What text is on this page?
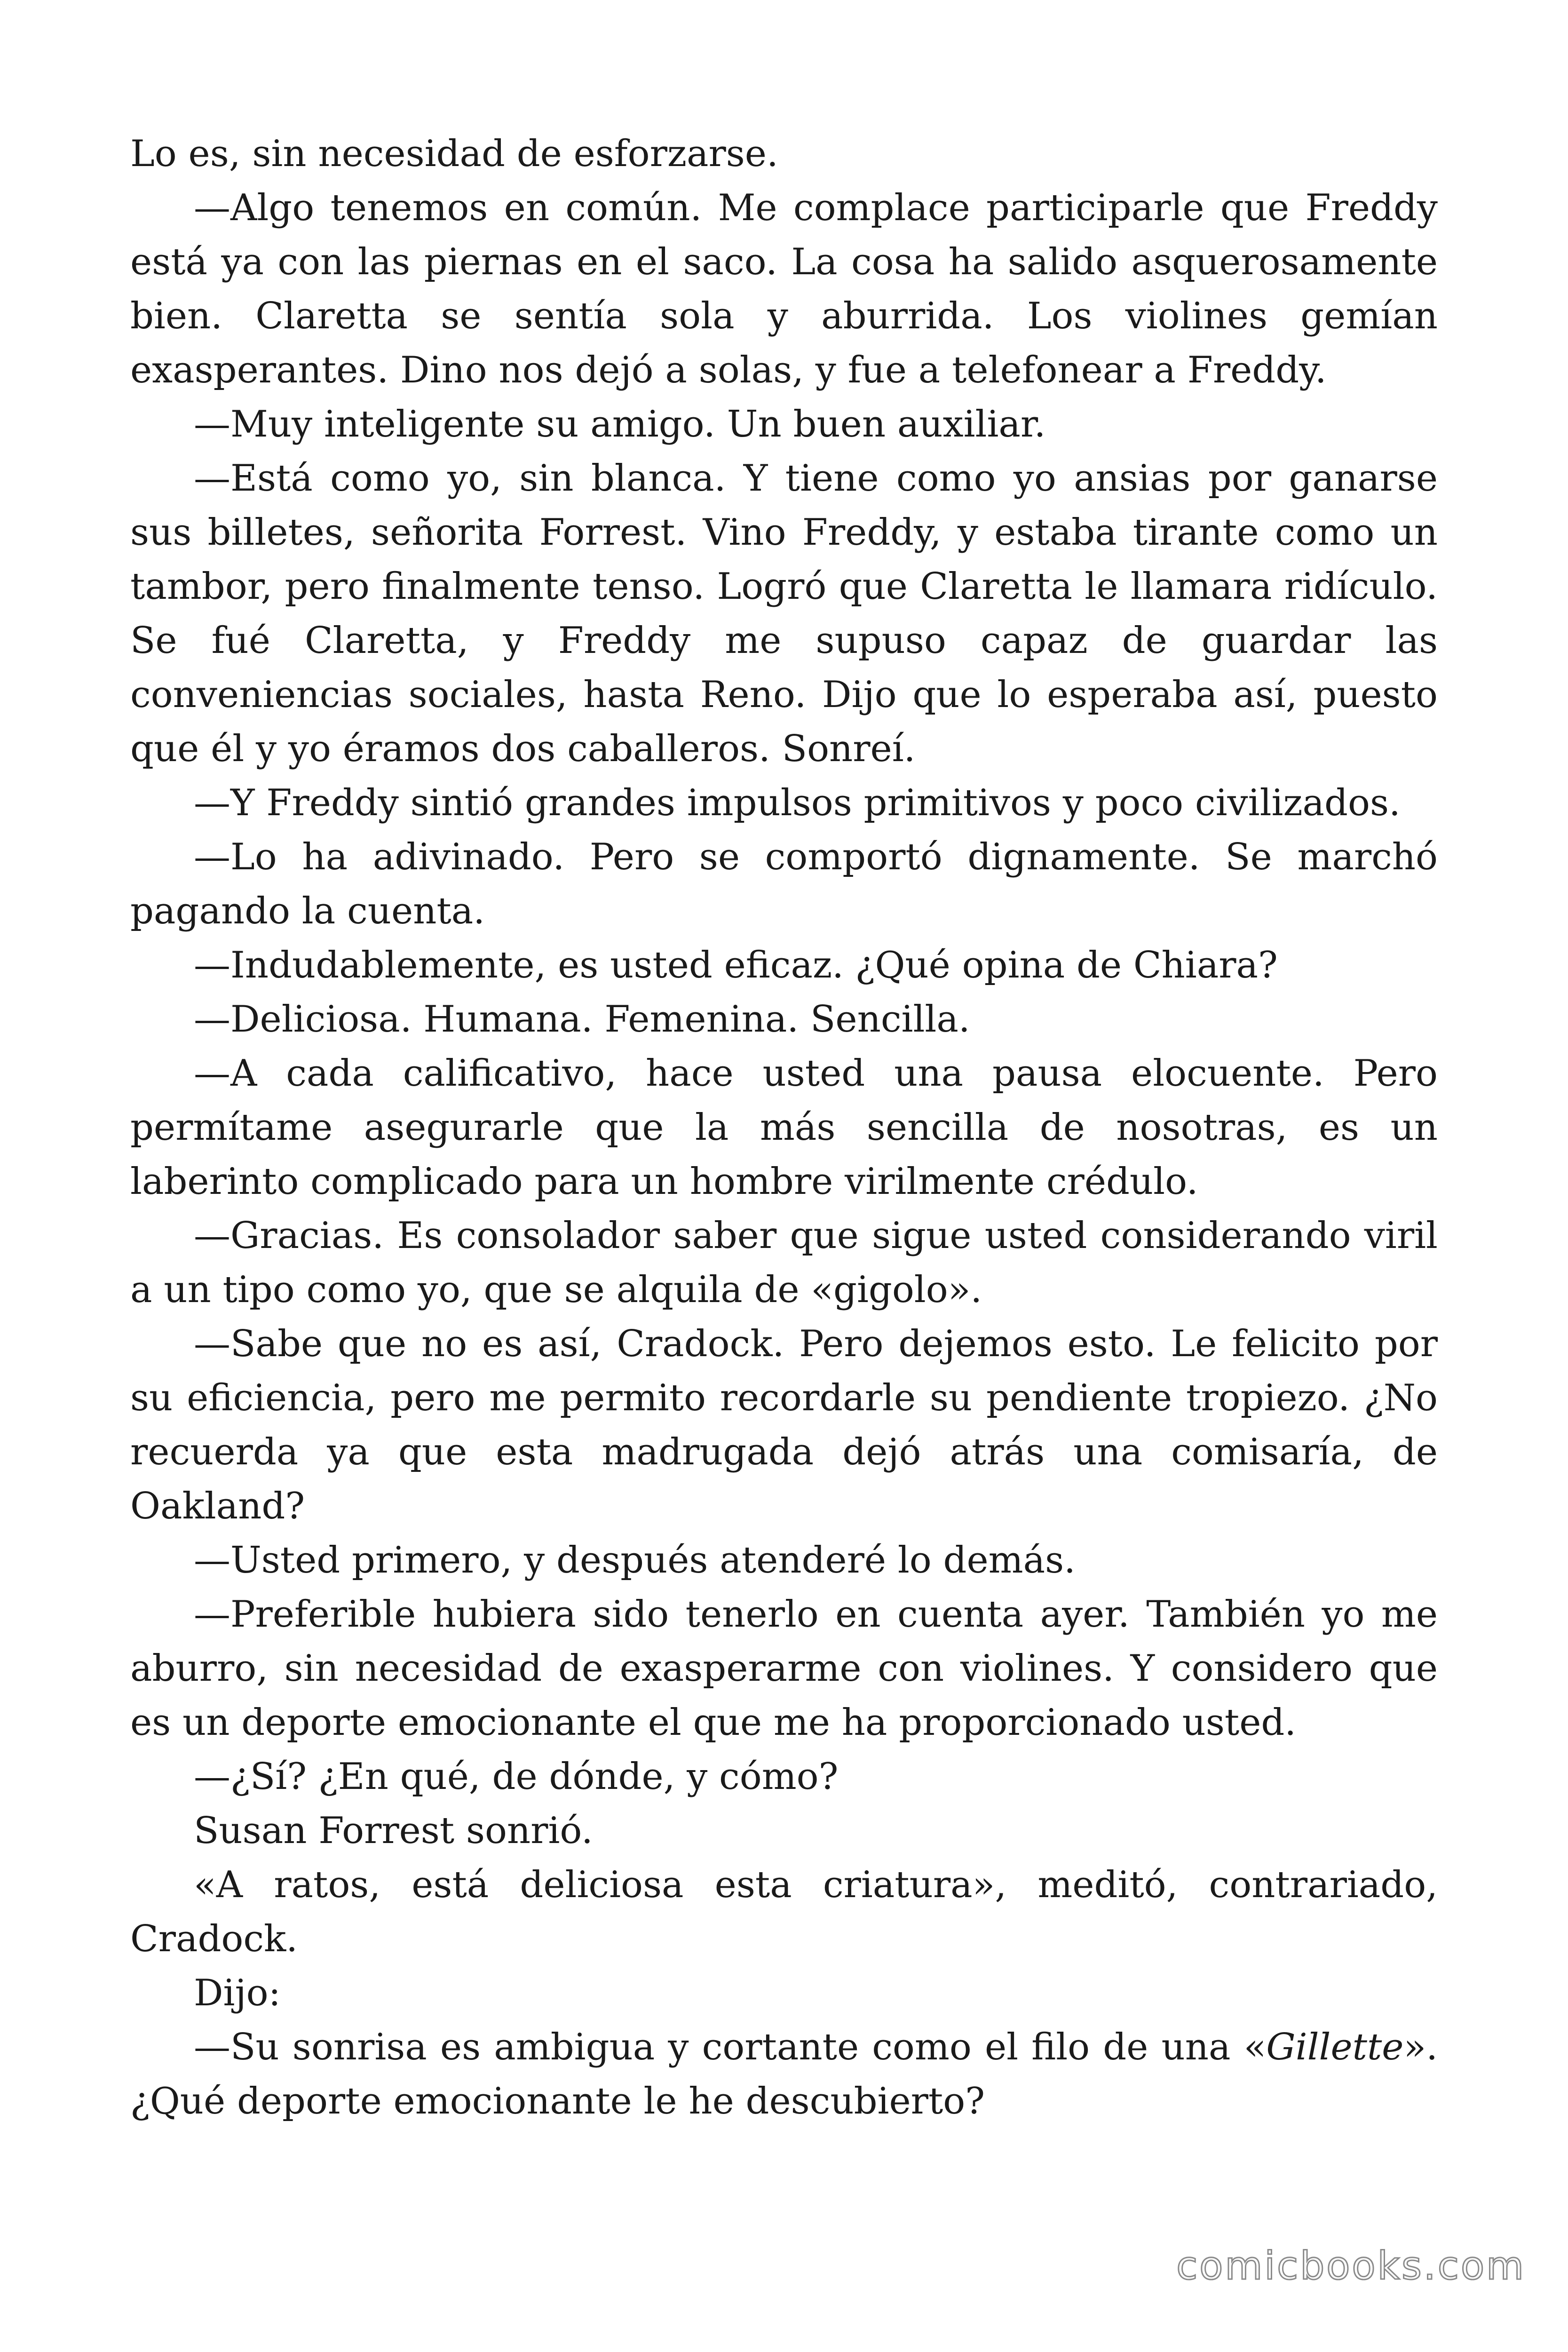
Lo es, sin necesidad de esforzarse.

—Algo tenemos en común. Me complace participarle que Freddy está ya con las piernas en el saco. La cosa ha salido asquerosamente bien. Claretta se sentía sola y aburrida. Los violines gemían exasperantes. Dino nos dejó a solas, y fue a telefonear a Freddy.

—Muy inteligente su amigo. Un buen auxiliar.

—Está como yo, sin blanca. Y tiene como yo ansias por ganarse sus billetes, señorita Forrest. Vino Freddy, y estaba tirante como un tambor, pero finalmente tenso. Logró que Claretta le llamara ridículo. Se fué Claretta, y Freddy me supuso capaz de guardar las conveniencias sociales, hasta Reno. Dijo que lo esperaba así, puesto que él y yo éramos dos caballeros. Sonreí.

—Y Freddy sintió grandes impulsos primitivos y poco civilizados.

—Lo ha adivinado. Pero se comportó dignamente. Se marchó pagando la cuenta.

—Indudablemente, es usted eficaz. ¿Qué opina de Chiara?

—Deliciosa. Humana. Femenina. Sencilla.

—A cada calificativo, hace usted una pausa elocuente. Pero permítame asegurarle que la más sencilla de nosotras, es un laberinto complicado para un hombre virilmente crédulo.

—Gracias. Es consolador saber que sigue usted considerando viril a un tipo como yo, que se alquila de «gigolo».

—Sabe que no es así, Cradock. Pero dejemos esto. Le felicito por su eficiencia, pero me permito recordarle su pendiente tropiezo. ¿No recuerda ya que esta madrugada dejó atrás una comisaría, de Oakland?

—Usted primero, y después atenderé lo demás.

—Preferible hubiera sido tenerlo en cuenta ayer. También yo me aburro, sin necesidad de exasperarme con violines. Y considero que es un deporte emocionante el que me ha proporcionado usted.

—¿Sí? ¿En qué, de dónde, y cómo?

Susan Forrest sonrió.

«A ratos, está deliciosa esta criatura», meditó, contrariado, Cradock.

Dijo:

—Su sonrisa es ambigua y cortante como el filo de una «Gillette». ¿Qué deporte emocionante le he descubierto?

comicbooks.com
